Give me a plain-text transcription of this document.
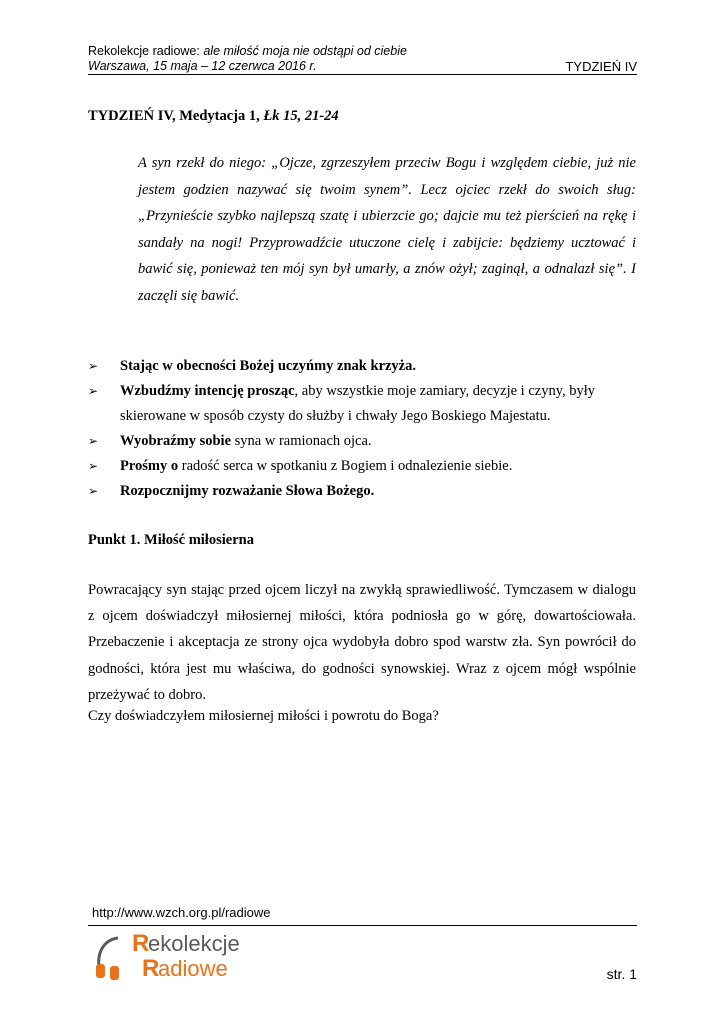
Rekolekcje radiowe: ale miłość moja nie odstąpi od ciebie
Warszawa, 15 maja – 12 czerwca 2016 r.	TYDZIEŃ IV
TYDZIEŃ IV, Medytacja 1, Łk 15, 21-24
A syn rzekł do niego: „Ojcze, zgrzeszyłem przeciw Bogu i względem ciebie, już nie jestem godzien nazywać się twoim synem”. Lecz ojciec rzekł do swoich sług: „Przynieście szybko najlepszą szatę i ubierzcie go; dajcie mu też pierścień na rękę i sandały na nogi! Przyprowadźcie utuczone cielę i zabijcie: będziemy ucztować i bawić się, ponieważ ten mój syn był umarły, a znów ożył; zaginął, a odnalazł się”. I zaczęli się bawić.
➢ Stając w obecności Bożej uczyńmy znak krzyża.
➢ Wzbudźmy intencję prosząc, aby wszystkie moje zamiary, decyzje i czyny, były skierowane w sposób czysty do służby i chwały Jego Boskiego Majestatu.
➢ Wyobraźmy sobie syna w ramionach ojca.
➢ Prośmy o radość serca w spotkaniu z Bogiem i odnalezienie siebie.
➢ Rozpocznijmy rozważanie Słowa Bożego.
Punkt 1. Miłość miłosierna

Powracający syn stając przed ojcem liczył na zwykłą sprawiedliwość. Tymczasem w dialogu z ojcem doświadczył miłosiernej miłości, która podniosła go w górę, dowartościowała. Przebaczenie i akceptacja ze strony ojca wydobyła dobro spod warstw zła. Syn powrócił do godności, która jest mu właściwa, do godności synowskiej. Wraz z ojcem mógł wspólnie przeżywać to dobro.

Czy doświadczyłem miłosiernej miłości i powrotu do Boga?
http://www.wzch.org.pl/radiowe
R
ekolekcje
R
adiowe	str. 1
